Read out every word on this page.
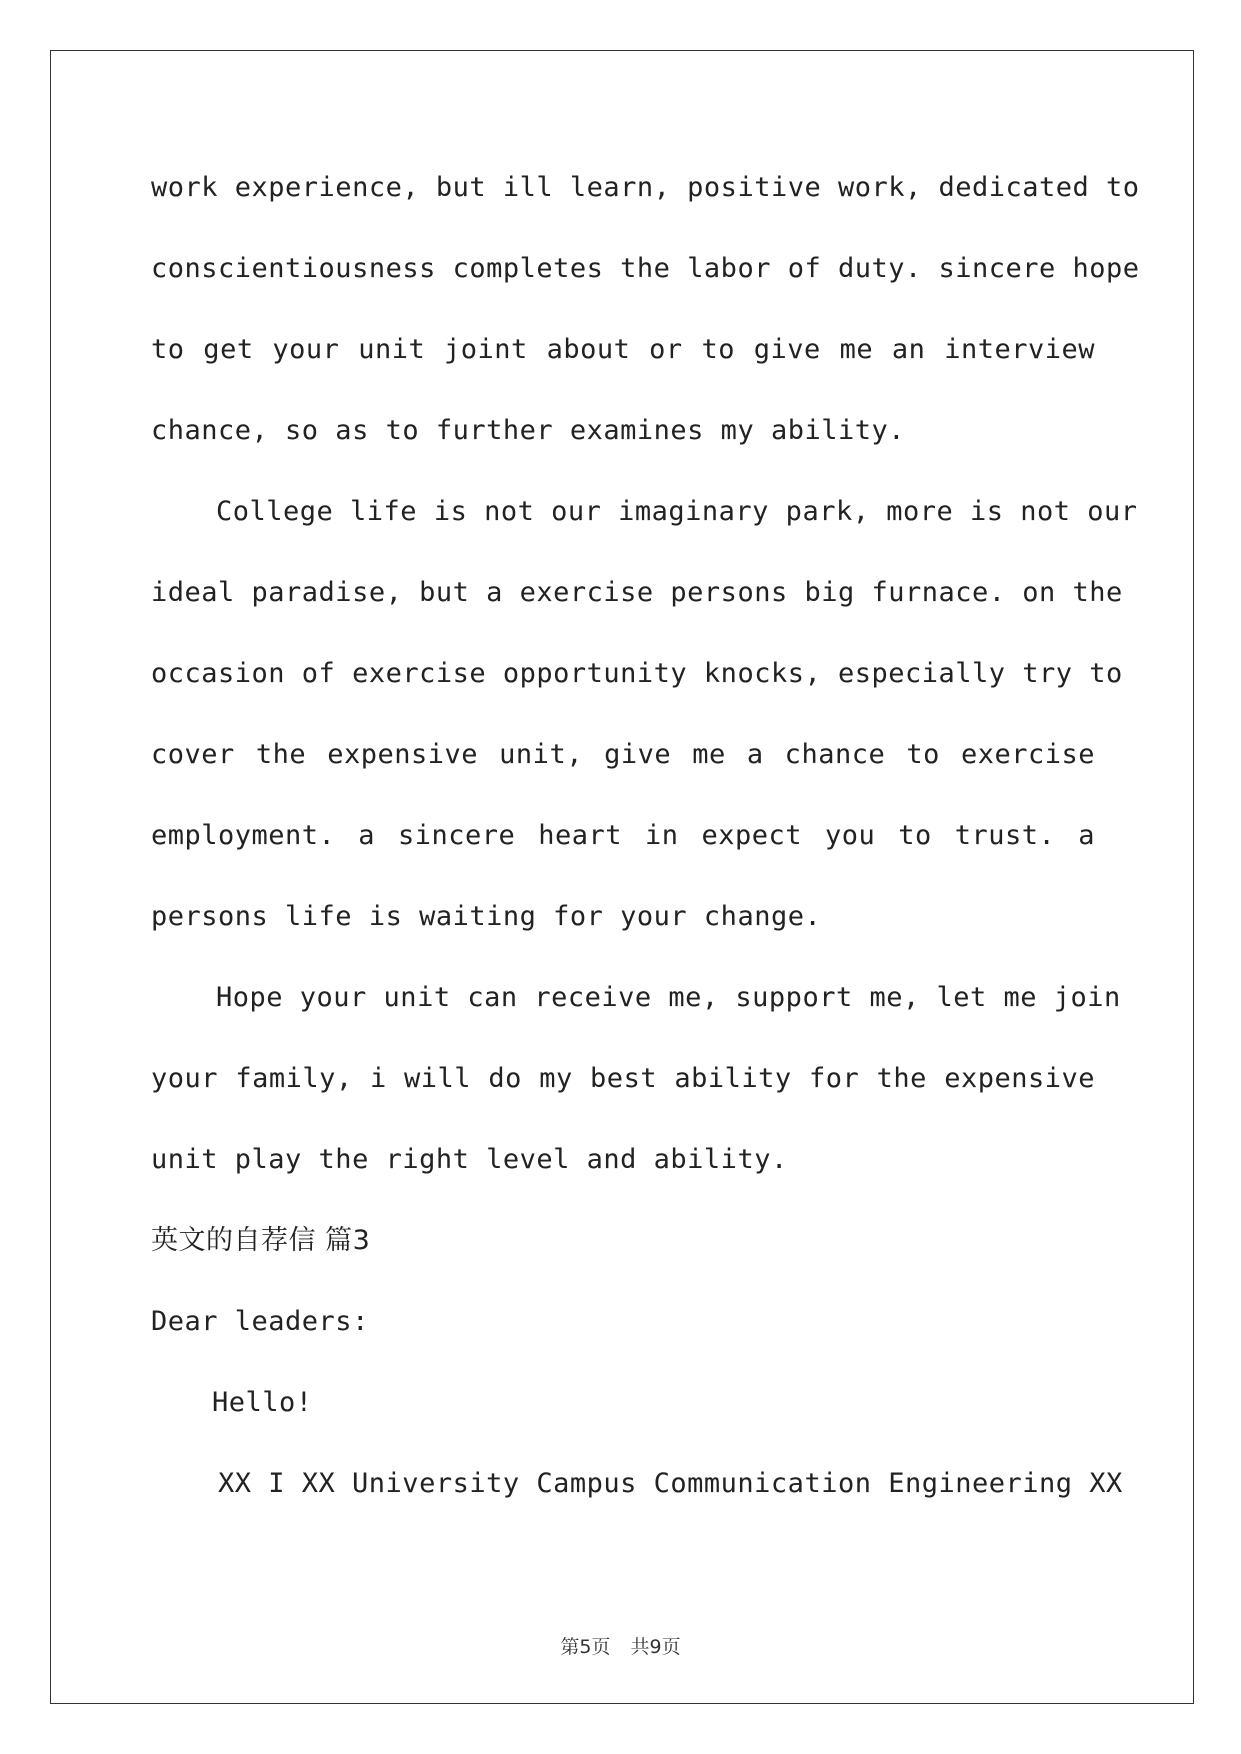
work experience, but ill learn, positive work, dedicated to
conscientiousness completes the labor of duty. sincere hope
to get your unit joint about or to give me an interview
chance, so as to further examines my ability.
College life is not our imaginary park, more is not our
ideal paradise, but a exercise persons big furnace. on the
occasion of exercise opportunity knocks, especially try to
cover the expensive unit, give me a chance to exercise
employment. a sincere heart in expect you to trust. a
persons life is waiting for your change.
Hope your unit can receive me, support me, let me join
your family, i will do my best ability for the expensive
unit play the right level and ability.
英文的自荐信 篇3
Dear leaders:
Hello!
XX I XX University Campus Communication Engineering XX
第5页 共9页
